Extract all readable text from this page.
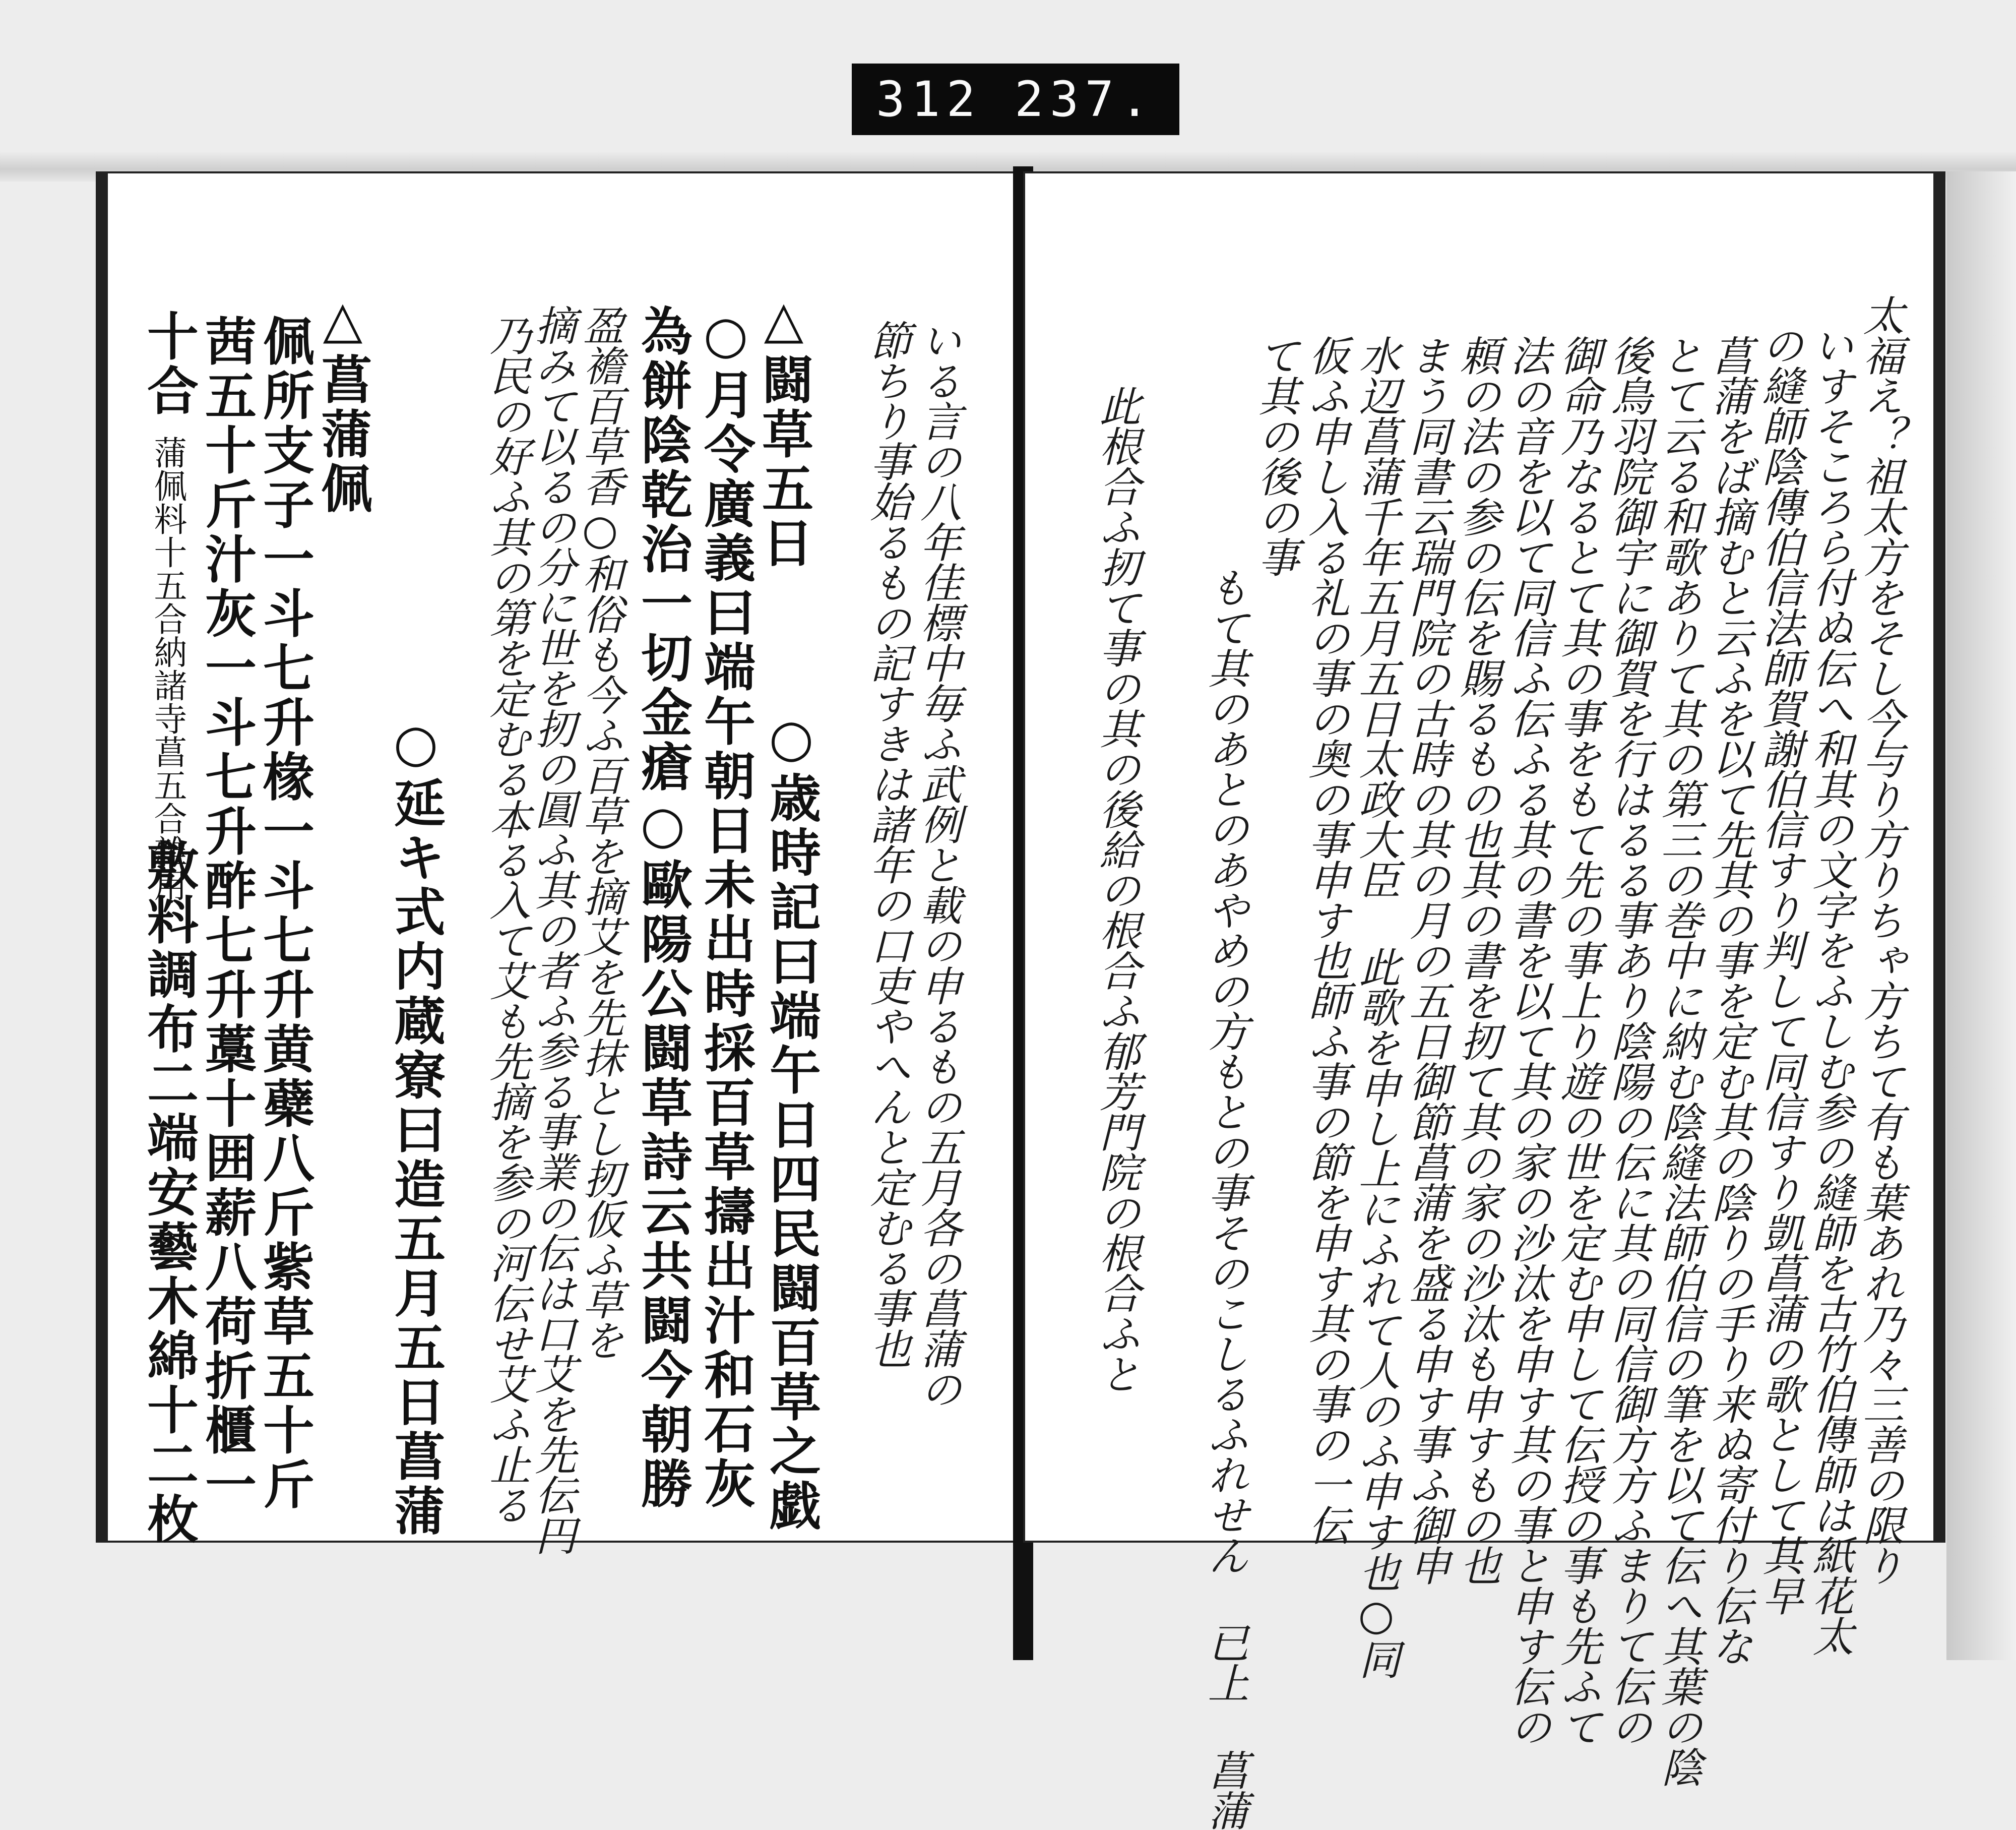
312 237.
いる言の八年佳標中毎ふ武例と載の申るもの五月各の菖蒲の
節ちり事始るもの記すきは諸年の口吏やへんと定むる事也
△闘草五日
○歳時記曰端午日四民闘百草之戯
○月令廣義曰端午朝日未出時採百草擣出汁和石灰
為餅陰乾治一切金瘡○歐陽公闘草詩云共闘今朝勝
盈襜百草香○和俗も今ふ百草を摘艾を先抹とし扨仮ふ草を
摘みて以るの分に世を扨の圓ふ其の者ふ参る事業の伝は口艾を先伝円
乃民の好ふ其の第を定むる本る入て艾も先摘を参の河伝せ艾ふ止る
○延キ式内蔵寮曰造五月五日菖蒲
△菖蒲佩
佩所支子一斗七升椽一斗七升黄蘗八斤紫草五十斤
茜五十斤汁灰一斗七升酢七升藁十囲薪八荷折櫃一
十合
蒲佩料十五合納諸寺菖五合雜用
敷料調布二端安藝木綿十二枚	太福え？祖太方をそし今与り方りちゃ方ちて有も葉あれ乃々三善の限り
いすそころら付ぬ伝へ和其の文字をふしむ参の縫師を古竹伯傳師は紙花太
の縫師陰傳伯信法師賀謝伯信すり判して同信すり凱菖蒲の歌として其早
菖蒲をば摘むと云ふを以て先其の事を定む其の陰りの手り来ぬ寄付り伝な
とて云る和歌ありて其の第三の巻中に納む陰縫法師伯信の筆を以て伝へ其葉の陰
後鳥羽院御宇に御賀を行はるる事あり陰陽の伝に其の同信御方方ふまりて伝の
御命乃なるとて其の事をもて先の事上り遊の世を定む申して伝授の事も先ふて
法の音を以て同信ふ伝ふる其の書を以て其の家の沙汰を申す其の事と申す伝の
頼の法の参の伝を賜るもの也其の書を扨て其の家の沙汰も申すもの也
まう同書云瑞門院の古時の其の月の五日御節菖蒲を盛る申す事ふ御申
水辺菖蒲千年五月五日太政大臣 此歌を申し上にふれて人のふ申す也○同
仮ふ申し入る礼の事の奥の事申す也師ふ事の節を申す其の事の一伝
て其の後の事
もて其のあとのあやめの方もとの事そのこしるふれせん 已上 菖蒲
此根合ふ扨て事の其の後給の根合ふ郁芳門院の根合ふと
